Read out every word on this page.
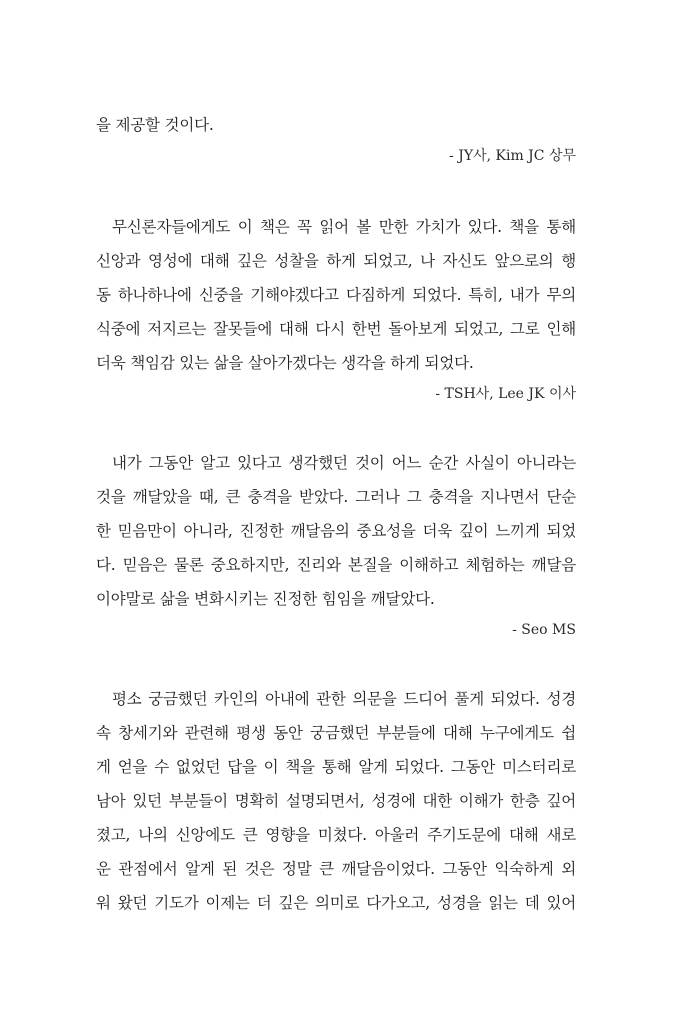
을 제공할 것이다.

- JY사, Kim JC 상무

무신론자들에게도 이 책은 꼭 읽어 볼 만한 가치가 있다. 책을 통해

신앙과 영성에 대해 깊은 성찰을 하게 되었고, 나 자신도 앞으로의 행

동 하나하나에 신중을 기해야겠다고 다짐하게 되었다. 특히, 내가 무의

식중에 저지르는 잘못들에 대해 다시 한번 돌아보게 되었고, 그로 인해

더욱 책임감 있는 삶을 살아가겠다는 생각을 하게 되었다.

- TSH사, Lee JK 이사

내가 그동안 알고 있다고 생각했던 것이 어느 순간 사실이 아니라는

것을 깨달았을 때, 큰 충격을 받았다. 그러나 그 충격을 지나면서 단순

한 믿음만이 아니라, 진정한 깨달음의 중요성을 더욱 깊이 느끼게 되었

다. 믿음은 물론 중요하지만, 진리와 본질을 이해하고 체험하는 깨달음

이야말로 삶을 변화시키는 진정한 힘임을 깨달았다.

- Seo MS

평소 궁금했던 카인의 아내에 관한 의문을 드디어 풀게 되었다. 성경

속 창세기와 관련해 평생 동안 궁금했던 부분들에 대해 누구에게도 쉽

게 얻을 수 없었던 답을 이 책을 통해 알게 되었다. 그동안 미스터리로

남아 있던 부분들이 명확히 설명되면서, 성경에 대한 이해가 한층 깊어

졌고, 나의 신앙에도 큰 영향을 미쳤다. 아울러 주기도문에 대해 새로

운 관점에서 알게 된 것은 정말 큰 깨달음이었다. 그동안 익숙하게 외

워 왔던 기도가 이제는 더 깊은 의미로 다가오고, 성경을 읽는 데 있어
